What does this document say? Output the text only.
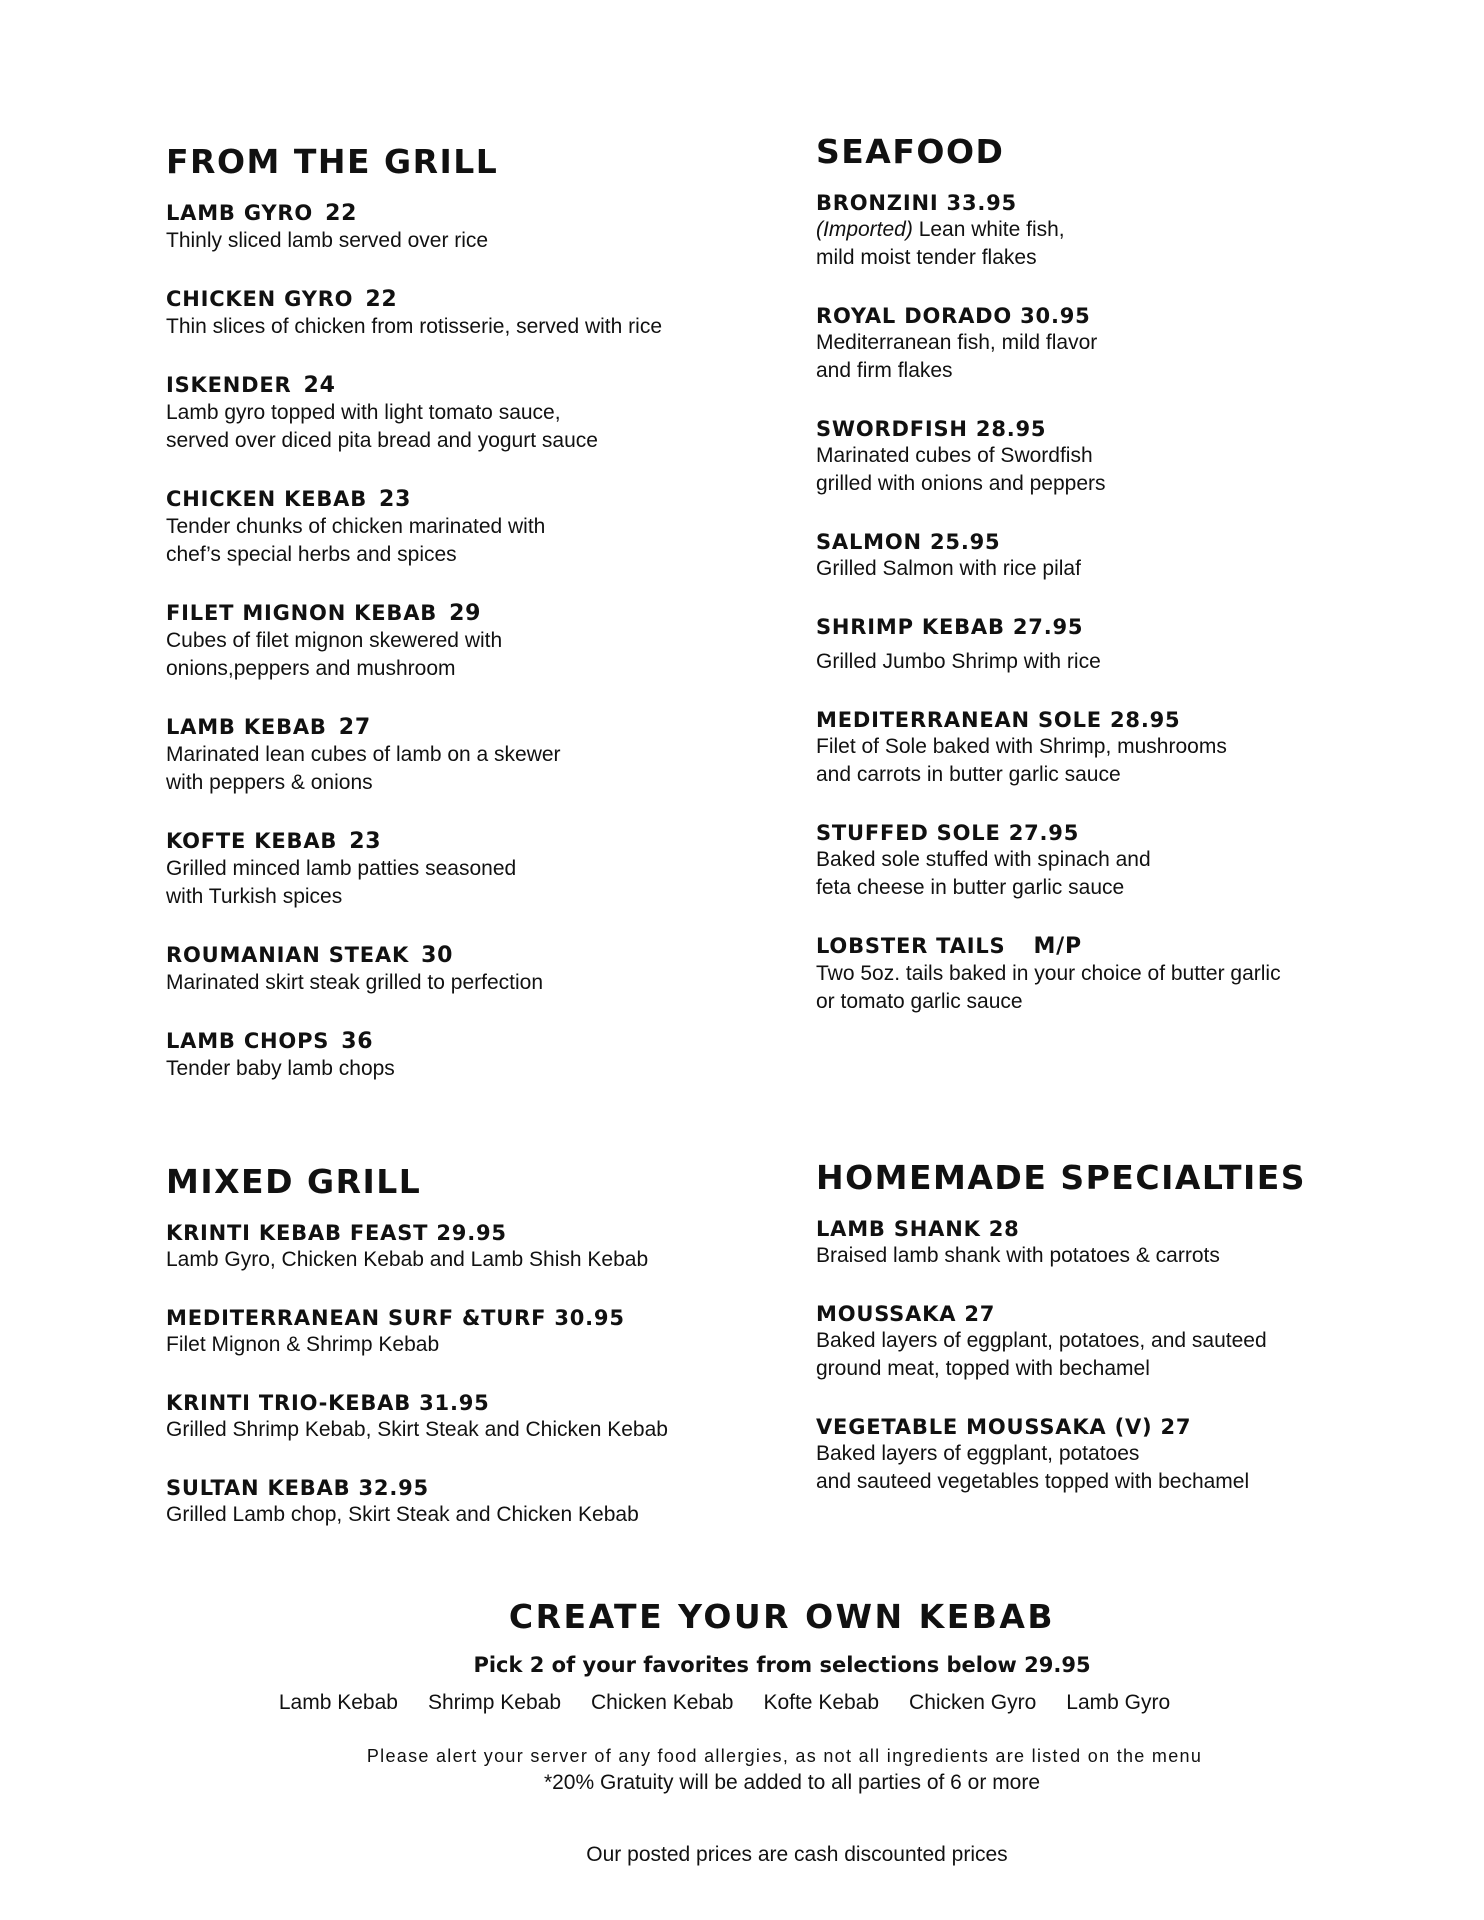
FROM THE GRILL
LAMB GYRO 22
Thinly sliced lamb served over rice
CHICKEN GYRO 22
Thin slices of chicken from rotisserie, served with rice
ISKENDER 24
Lamb gyro topped with light tomato sauce,
served over diced pita bread and yogurt sauce
CHICKEN KEBAB 23
Tender chunks of chicken marinated with
chef’s special herbs and spices
FILET MIGNON KEBAB 29
Cubes of filet mignon skewered with
onions,peppers and mushroom
LAMB KEBAB 27
Marinated lean cubes of lamb on a skewer
with peppers & onions
KOFTE KEBAB 23
Grilled minced lamb patties seasoned
with Turkish spices
ROUMANIAN STEAK 30
Marinated skirt steak grilled to perfection
LAMB CHOPS 36
Tender baby lamb chops
SEAFOOD
BRONZINI 33.95
(Imported) Lean white fish,
mild moist tender flakes
ROYAL DORADO 30.95
Mediterranean fish, mild flavor
and firm flakes
SWORDFISH 28.95
Marinated cubes of Swordfish
grilled with onions and peppers
SALMON 25.95
Grilled Salmon with rice pilaf
SHRIMP KEBAB 27.95
Grilled Jumbo Shrimp with rice
MEDITERRANEAN SOLE 28.95
Filet of Sole baked with Shrimp, mushrooms
and carrots in butter garlic sauce
STUFFED SOLE 27.95
Baked sole stuffed with spinach and
feta cheese in butter garlic sauce
LOBSTER TAILS M/P
Two 5oz. tails baked in your choice of butter garlic
or tomato garlic sauce
MIXED GRILL
KRINTI KEBAB FEAST 29.95
Lamb Gyro, Chicken Kebab and Lamb Shish Kebab
MEDITERRANEAN SURF &TURF 30.95
Filet Mignon & Shrimp Kebab
KRINTI TRIO-KEBAB 31.95
Grilled Shrimp Kebab, Skirt Steak and Chicken Kebab
SULTAN KEBAB 32.95
Grilled Lamb chop, Skirt Steak and Chicken Kebab
HOMEMADE SPECIALTIES
LAMB SHANK 28
Braised lamb shank with potatoes & carrots
MOUSSAKA 27
Baked layers of eggplant, potatoes, and sauteed
ground meat, topped with bechamel
VEGETABLE MOUSSAKA (V) 27
Baked layers of eggplant, potatoes
and sauteed vegetables topped with bechamel
CREATE YOUR OWN KEBAB
Pick 2 of your favorites from selections below 29.95
Lamb Kebab Shrimp Kebab Chicken Kebab Kofte Kebab Chicken Gyro Lamb Gyro
Please alert your server of any food allergies, as not all ingredients are listed on the menu
*20% Gratuity will be added to all parties of 6 or more
Our posted prices are cash discounted prices
